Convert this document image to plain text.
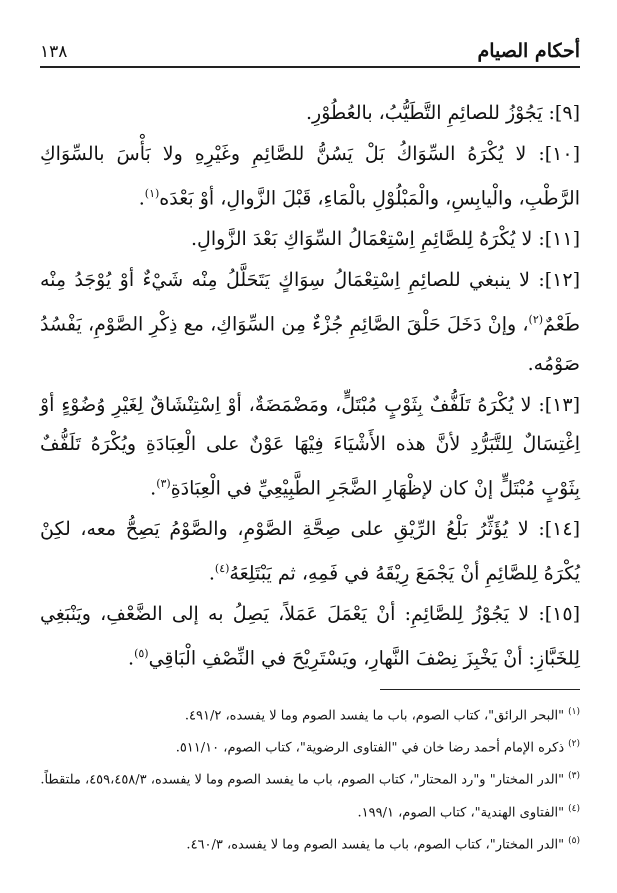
أحكام الصيام
١٣٨

[٩]: يَجُوْزُ للصائِمِ التَّطَيُّبُ، بالعُطُوْرِ.

[١٠]: لا يُكْرَهُ السِّوَاكُ بَلْ يَسُنُّ للصَّائِمِ وغَيْرِهِ ولا بَأْسَ بالسِّوَاكِ الرَّطْبِ، والْيابِسِ، والْمَبْلُوْلِ بالْمَاءِ، قَبْلَ الزَّوالِ، أوْ بَعْدَه$^{(١)}$.

[١١]: لا يُكْرَهُ لِلصَّائِمِ اِسْتِعْمَالُ السِّوَاكِ بَعْدَ الزَّوالِ.

[١٢]: لا ينبغي للصائِمِ اِسْتِعْمَالُ سِوَاكٍ يَتَحَلَّلُ مِنْه شَيْءٌ أوْ يُوْجَدُ مِنْه طَعْمٌ$^{(٢)}$، وإنْ دَخَلَ حَلْقَ الصَّائِمِ جُزْءٌ مِن السِّوَاكِ، مع ذِكْرِ الصَّوْمِ، يَفْسُدُ صَوْمُه.

[١٣]: لا يُكْرَهُ تَلَفُّفٌ بِثَوْبٍ مُبْتَلٍّ، ومَضْمَضَةٌ، أوْ اِسْتِنْشَاقٌ لِغَيْرِ وُضُوْءٍ أوْ اِغْتِسَالٌ لِلتَّبَرُّدِ لأنَّ هذه الأَشْيَاءَ فِيْهَا عَوْنٌ على الْعِبَادَةِ ويُكْرَهُ تَلَفُّفٌ بِثَوْبٍ مُبْتَلٍّ إنْ كان لإظْهَارِ الضَّجَرِ الطَّبِيْعِيِّ في الْعِبَادَةِ$^{(٣)}$.

[١٤]: لا يُؤَثِّرُ بَلْعُ الرِّيْقِ على صِحَّةِ الصَّوْمِ، والصَّوْمُ يَصِحُّ معه، لكِنْ يُكْرَهُ لِلصَّائِمِ أنْ يَجْمَعَ رِيْقَهُ في فَمِهِ، ثم يَبْتَلِعَهُ$^{(٤)}$.

[١٥]: لا يَجُوْزُ لِلصَّائِمِ: أنْ يَعْمَلَ عَمَلاً، يَصِلُ به إلى الضَّعْفِ، ويَنْبَغِي لِلخَبَّازِ: أنْ يَخْبِزَ نِصْفَ النَّهارِ، ويَسْتَرِيْحَ في النِّصْفِ الْبَاقِي$^{(٥)}$.

$^{(١)}$"البحر الرائق"، كتاب الصوم، باب ما يفسد الصوم وما لا يفسده، ٤٩١/٢.

$^{(٢)}$ذكره الإمام أحمد رضا خان في "الفتاوى الرضوية"، كتاب الصوم، ٥١١/١٠.

$^{(٣)}$"الدر المختار" و"رد المحتار"، كتاب الصوم، باب ما يفسد الصوم وما لا يفسده، ٤٥٩،٤٥٨/٣، ملتقطاً.

$^{(٤)}$"الفتاوى الهندية"، كتاب الصوم، ١٩٩/١.

$^{(٥)}$"الدر المختار"، كتاب الصوم، باب ما يفسد الصوم وما لا يفسده، ٤٦٠/٣.
